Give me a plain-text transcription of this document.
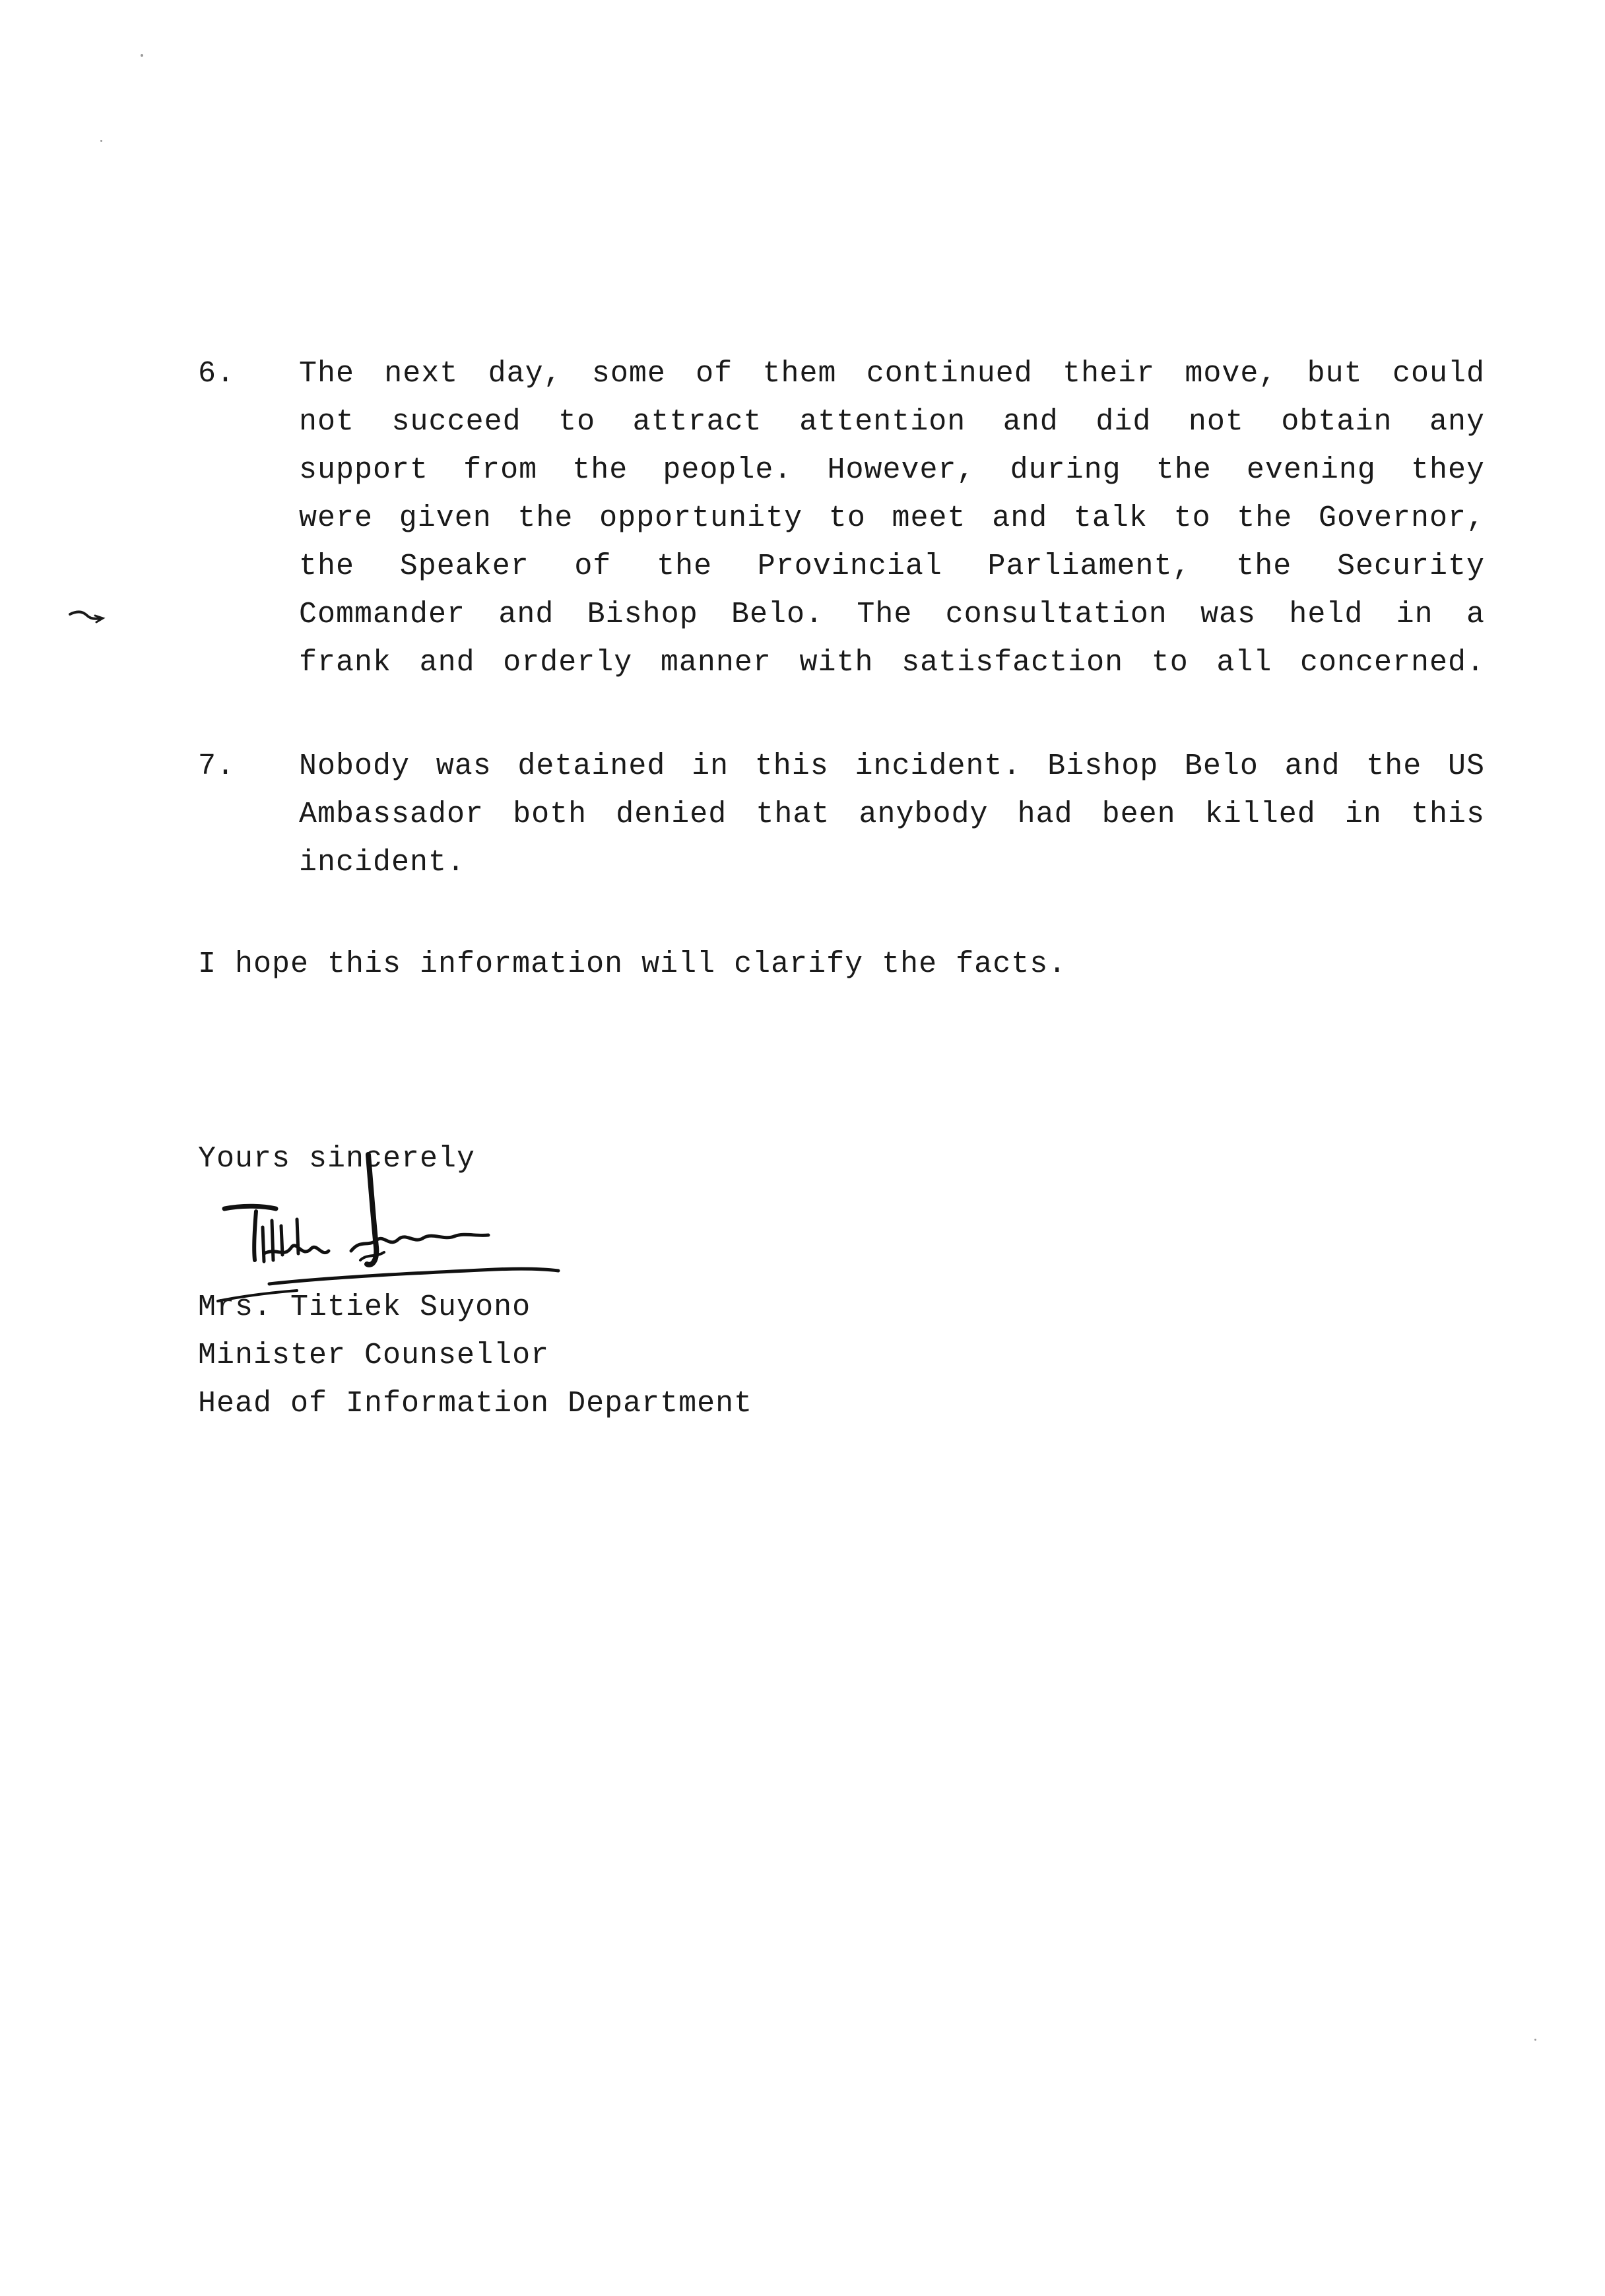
6. The next day, some of them continued their move, but could
not succeed to attract attention and did not obtain any
support from the people. However, during the evening they
were given the opportunity to meet and talk to the Governor,
the Speaker of the Provincial Parliament, the Security
Commander and Bishop Belo. The consultation was held in a
frank and orderly manner with satisfaction to all concerned.
7. Nobody was detained in this incident. Bishop Belo and the US
Ambassador both denied that anybody had been killed in this
incident.
I hope this information will clarify the facts.
Yours sincerely
Mrs. Titiek Suyono
Minister Counsellor
Head of Information Department
